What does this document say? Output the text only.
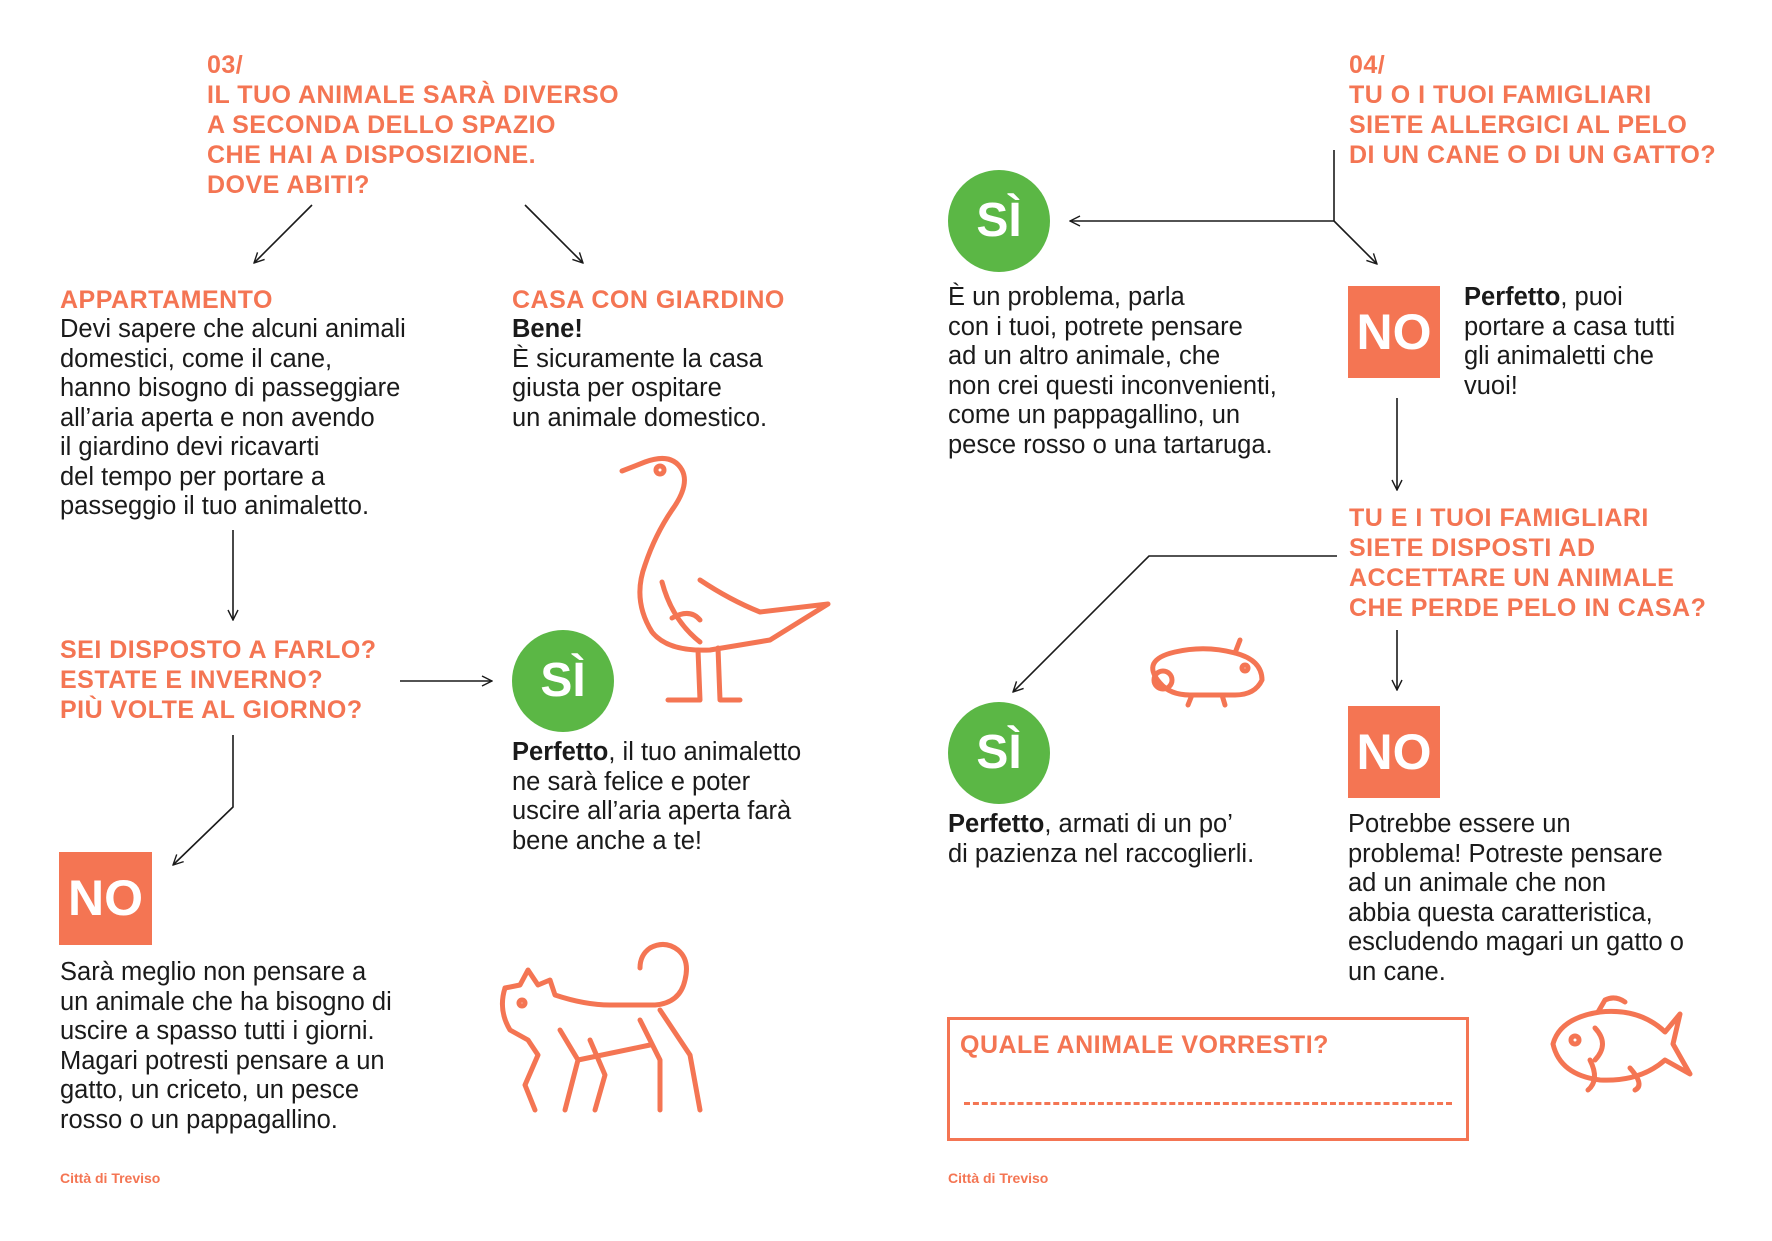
03/
IL TUO ANIMALE SARÀ DIVERSO
A SECONDA DELLO SPAZIO
CHE HAI A DISPOSIZIONE.
DOVE ABITI?
APPARTAMENTO
Devi sapere che alcuni animali
domestici, come il cane,
hanno bisogno di passeggiare
all’aria aperta e non avendo
il giardino devi ricavarti
del tempo per portare a
passeggio il tuo animaletto.
CASA CON GIARDINO
Bene!
È sicuramente la casa
giusta per ospitare
un animale domestico.
SEI DISPOSTO A FARLO?
ESTATE E INVERNO?
PIÙ VOLTE AL GIORNO?
SÌ
Perfetto, il tuo animaletto
ne sarà felice e poter
uscire all’aria aperta farà
bene anche a te!
NO
Sarà meglio non pensare a
un animale che ha bisogno di
uscire a spasso tutti i giorni.
Magari potresti pensare a un
gatto, un criceto, un pesce
rosso o un pappagallino.
Città di Treviso
04/
TU O I TUOI FAMIGLIARI
SIETE ALLERGICI AL PELO
DI UN CANE O DI UN GATTO?
SÌ
È un problema, parla
con i tuoi, potrete pensare
ad un altro animale, che
non crei questi inconvenienti,
come un pappagallino, un
pesce rosso o una tartaruga.
NO
Perfetto, puoi
portare a casa tutti
gli animaletti che
vuoi!
TU E I TUOI FAMIGLIARI
SIETE DISPOSTI AD
ACCETTARE UN ANIMALE
CHE PERDE PELO IN CASA?
SÌ
Perfetto, armati di un po’
di pazienza nel raccoglierli.
NO
Potrebbe essere un
problema! Potreste pensare
ad un animale che non
abbia questa caratteristica,
escludendo magari un gatto o
un cane.
QUALE ANIMALE VORRESTI?
Città di Treviso
